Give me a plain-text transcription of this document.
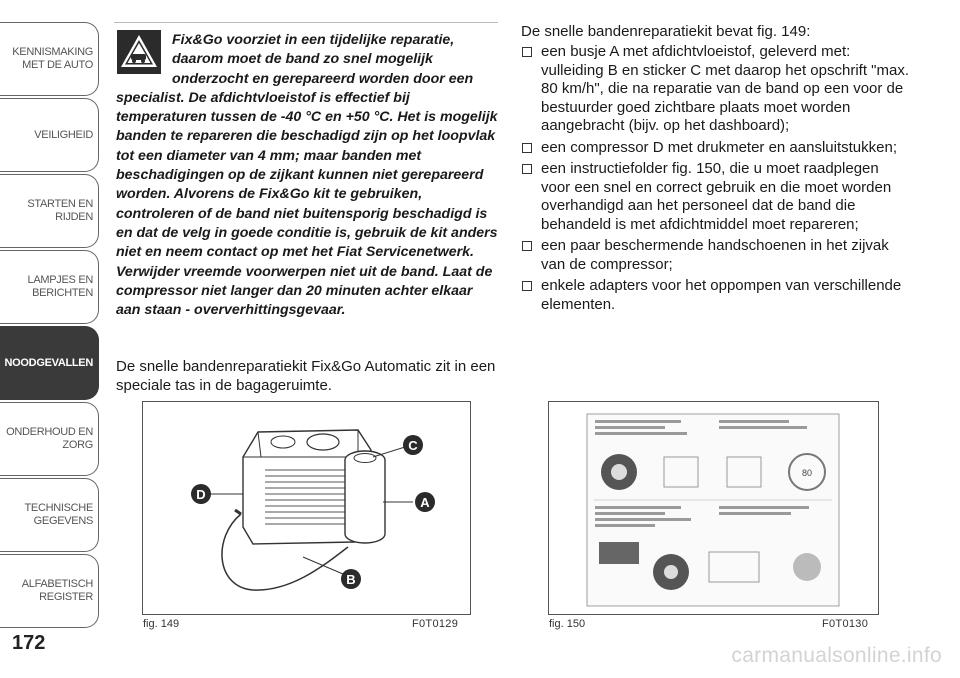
KENNISMAKING MET DE AUTO
VEILIGHEID
STARTEN EN RIJDEN
LAMPJES EN BERICHTEN
NOODGEVALLEN
ONDERHOUD EN ZORG
TECHNISCHE GEGEVENS
ALFABETISCH REGISTER
172

Fix&Go voorziet in een tijdelijke reparatie, daarom moet de band zo snel mogelijk onderzocht en gerepareerd worden door een specialist. De afdichtvloeistof is effectief bij temperaturen tussen de -40 °C en +50 °C. Het is mogelijk banden te repareren die beschadigd zijn op het loopvlak tot een diameter van 4 mm; maar banden met beschadigingen op de zijkant kunnen niet gerepareerd worden. Alvorens de Fix&Go kit te gebruiken, controleren of de band niet buitensporig beschadigd is en dat de velg in goede conditie is, gebruik de kit anders niet en neem contact op met het Fiat Servicenetwerk. Verwijder vreemde voorwerpen niet uit de band. Laat de compressor niet langer dan 20 minuten achter elkaar aan staan - oververhittingsgevaar.

De snelle bandenreparatiekit Fix&Go Automatic zit in een speciale tas in de bagageruimte.

C
D
A
B
fig. 149	F0T0129

De snelle bandenreparatiekit bevat fig. 149:

een busje A met afdichtvloeistof, geleverd met: vulleiding B en sticker C met daarop het opschrift "max. 80 km/h", die na reparatie van de band op een voor de bestuurder goed zichtbare plaats moet worden aangebracht (bijv. op het dashboard);
een compressor D met drukmeter en aansluitstukken;
een instructiefolder fig. 150, die u moet raadplegen voor een snel en correct gebruik en die moet worden overhandigd aan het personeel dat de band die behandeld is met afdichtmiddel moet repareren;
een paar beschermende handschoenen in het zijvak van de compressor;
enkele adapters voor het oppompen van verschillende elementen.
80
fig. 150	F0T0130
carmanualsonline.info
